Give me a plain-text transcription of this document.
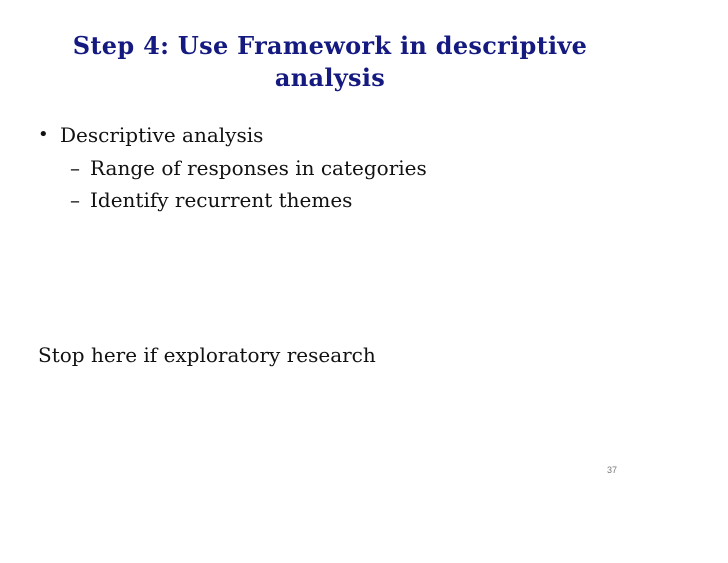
Step 4: Use Framework in descriptive
analysis
• Descriptive analysis
– Range of responses in categories
– Identify recurrent themes
Stop here if exploratory research
37
